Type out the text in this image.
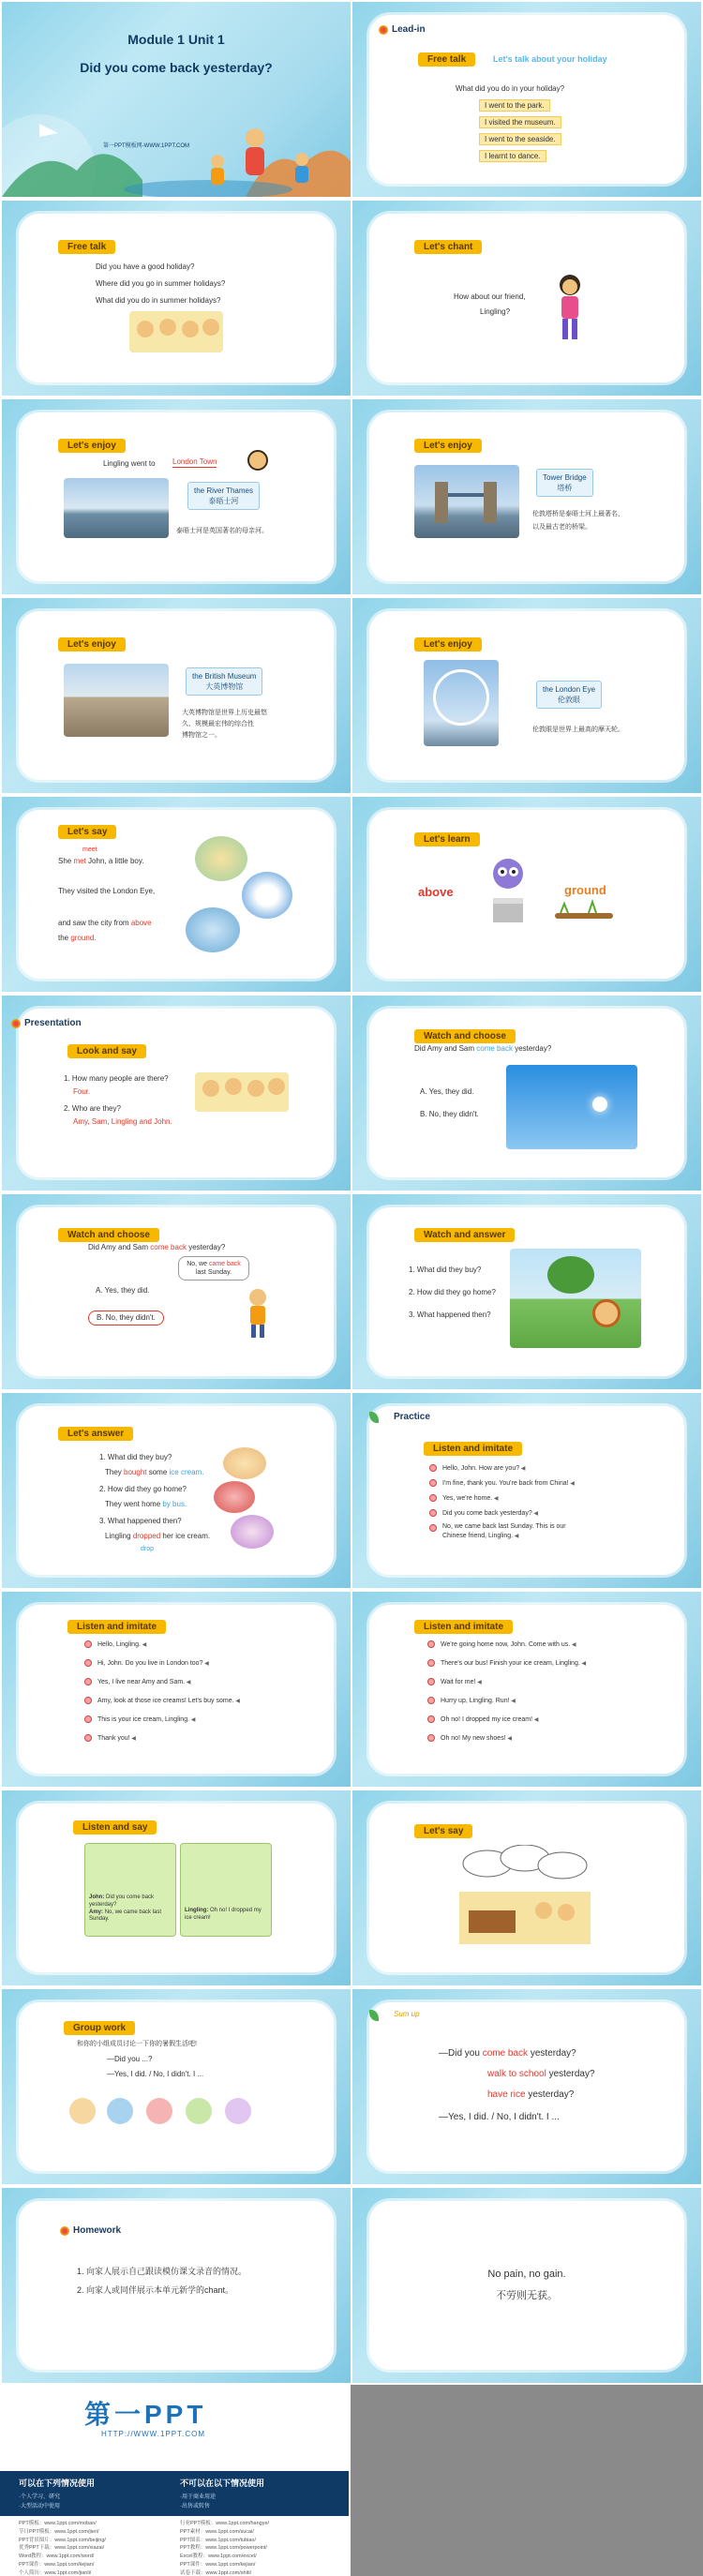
Module 1 Unit 1
Did you come back yesterday?
第一PPT模板网-WWW.1PPT.COM
Lead-in
Free talk	Let's talk about your holiday
What did you do in your holiday?
I went to the park.
I visited the museum.
I went to the seaside.
I learnt to dance.
Free talk
Did you have a good holiday?
Where did you go in summer holidays?
What did you do in summer holidays?
Let's chant
How about our friend,
Lingling?
Let's enjoy
Lingling went to London Town
the River Thames
泰晤士河
泰晤士河是英国著名的母亲河。
Let's enjoy
Tower Bridge
塔桥
伦敦塔桥是泰晤士河上最著名，
以及最古老的桥梁。
Let's enjoy
the British Museum
大英博物馆
大英博物馆是世界上历史最悠
久、规模最宏伟的综合性
博物馆之一。
Let's enjoy
the London Eye
伦敦眼
伦敦眼是世界上最高的摩天轮。
Let's say
meet
She met John, a little boy.
They visited the London Eye,
and saw the city from above
the ground.
Let's learn
above	ground
Presentation
Look and say
1. How many people are there?
Four.
2. Who are they?
Amy, Sam, Lingling and John.
Watch and choose
Did Amy and Sam come back yesterday?
A. Yes, they did.
B. No, they didn't.
Watch and choose
Did Amy and Sam come back yesterday?
A. Yes, they did.
B. No, they didn't.
No, we came back
last Sunday.
Watch and answer
1. What did they buy?
2. How did they go home?
3. What happened then?
Let's answer
1. What did they buy?
They bought some ice cream.
2. How did they go home?
They went home by bus.
3. What happened then?
Lingling dropped her ice cream.
drop
Practice
Listen and imitate
Hello, John. How are you? ◀
I'm fine, thank you. You're back from China! ◀
Yes, we're home. ◀
Did you come back yesterday? ◀
No, we came back last Sunday. This is our
Chinese friend, Lingling. ◀
Listen and imitate
Hello, Lingling. ◀
Hi, John. Do you live in London too? ◀
Yes, I live near Amy and Sam. ◀
Amy, look at those ice creams! Let's buy some. ◀
This is your ice cream, Lingling. ◀
Thank you! ◀
Listen and imitate
We're going home now, John. Come with us. ◀
There's our bus! Finish your ice cream, Lingling. ◀
Wait for me! ◀
Hurry up, Lingling. Run! ◀
Oh no! I dropped my ice cream! ◀
Oh no! My new shoes! ◀
Listen and say
John: Did you come back yesterday?
Amy: No, we came back last Sunday.
Lingling: Oh no! I dropped my ice cream!
Let's say
Group work
和你的小组成员讨论一下你的暑假生活吧!
—Did you ...?
—Yes, I did. / No, I didn't. I ...
Sum up
—Did you come back yesterday?
walk to school yesterday?
have rice yesterday?
—Yes, I did. / No, I didn't. I ...
Homework
1. 向家人展示自己跟读模仿课文录音的情况。
2. 向家人或同伴展示本单元新学的chant。
No pain, no gain.
不劳则无获。
第一PPT
HTTP://WWW.1PPT.COM
可以在下列情况使用
·个人学习、研究
·大型活动中使用
不可以在以下情况使用
·用于商业用途
·出售或转售
PPT模板：www.1ppt.com/moban/
节日PPT模板：www.1ppt.com/jieri/
PPT背景图片：www.1ppt.com/beijing/
优秀PPT下载：www.1ppt.com/xiazai/
Word教程：www.1ppt.com/word/
PPT课件：www.1ppt.com/kejian/
个人简历：www.1ppt.com/jianli/
行业PPT模板：www.1ppt.com/hangye/
PPT素材：www.1ppt.com/sucai/
PPT图表：www.1ppt.com/tubiao/
PPT教程：www.1ppt.com/powerpoint/
Excel教程：www.1ppt.com/excel/
PPT课件：www.1ppt.com/kejian/
试卷下载：www.1ppt.com/shiti/
